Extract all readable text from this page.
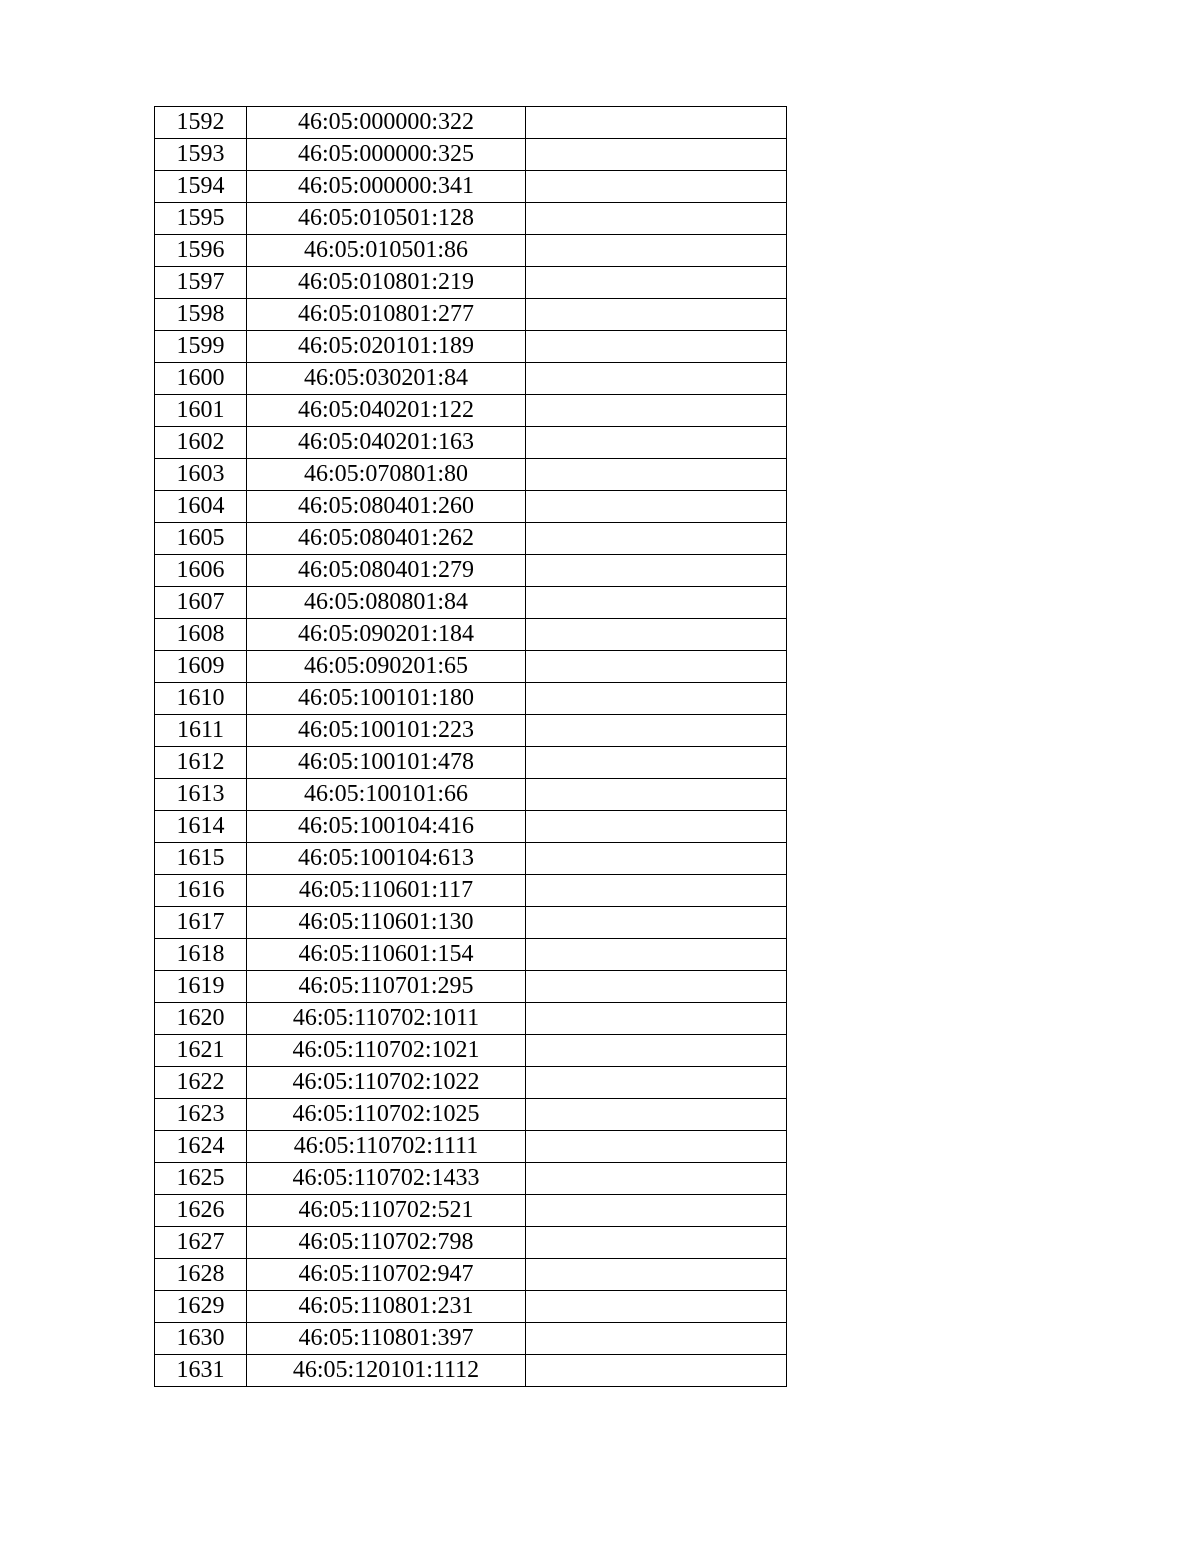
1592	46:05:000000:322	
1593	46:05:000000:325	
1594	46:05:000000:341	
1595	46:05:010501:128	
1596	46:05:010501:86	
1597	46:05:010801:219	
1598	46:05:010801:277	
1599	46:05:020101:189	
1600	46:05:030201:84	
1601	46:05:040201:122	
1602	46:05:040201:163	
1603	46:05:070801:80	
1604	46:05:080401:260	
1605	46:05:080401:262	
1606	46:05:080401:279	
1607	46:05:080801:84	
1608	46:05:090201:184	
1609	46:05:090201:65	
1610	46:05:100101:180	
1611	46:05:100101:223	
1612	46:05:100101:478	
1613	46:05:100101:66	
1614	46:05:100104:416	
1615	46:05:100104:613	
1616	46:05:110601:117	
1617	46:05:110601:130	
1618	46:05:110601:154	
1619	46:05:110701:295	
1620	46:05:110702:1011	
1621	46:05:110702:1021	
1622	46:05:110702:1022	
1623	46:05:110702:1025	
1624	46:05:110702:1111	
1625	46:05:110702:1433	
1626	46:05:110702:521	
1627	46:05:110702:798	
1628	46:05:110702:947	
1629	46:05:110801:231	
1630	46:05:110801:397	
1631	46:05:120101:1112	
